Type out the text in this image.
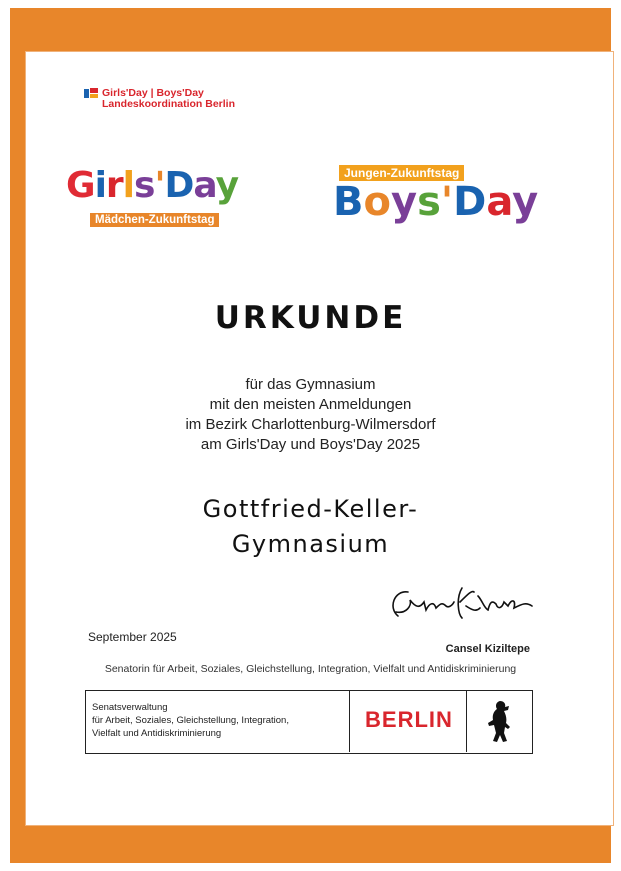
Girls'Day | Boys'Day
Landeskoordination Berlin
Girls'Day
Mädchen-Zukunftstag
Jungen-Zukunftstag
Boys'Day
URKUNDE
für das Gymnasium
mit den meisten Anmeldungen
im Bezirk Charlottenburg-Wilmersdorf
am Girls'Day und Boys'Day 2025
Gottfried-Keller-
Gymnasium
September 2025
Cansel Kiziltepe
Senatorin für Arbeit, Soziales, Gleichstellung, Integration, Vielfalt und Antidiskriminierung
Senatsverwaltung
für Arbeit, Soziales, Gleichstellung, Integration,
Vielfalt und Antidiskriminierung
BERLIN
